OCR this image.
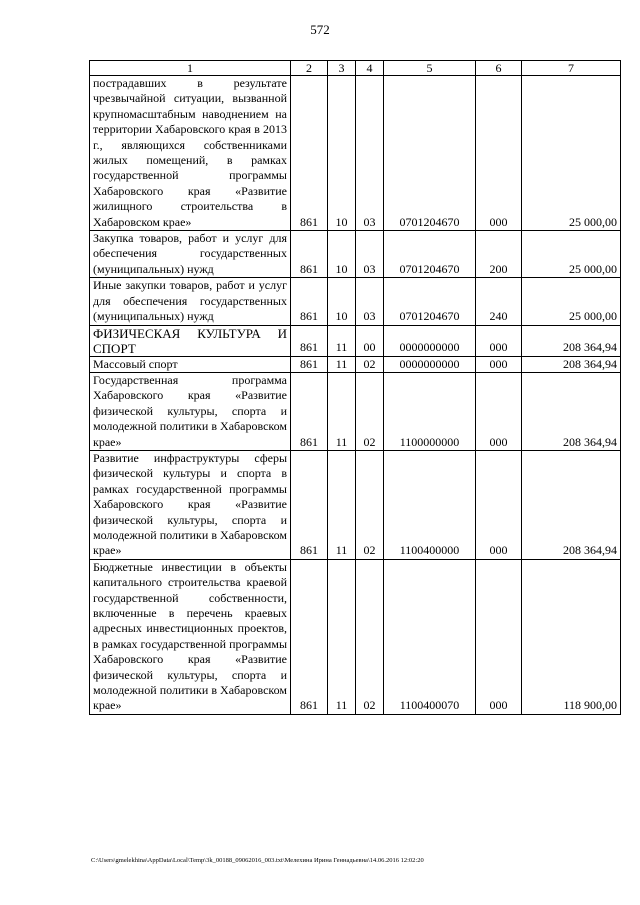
572
1	2	3	4	5	6	7
пострадавших в результате чрезвычайной ситуации, вызванной крупномасштабным наводнением на территории Хабаровского края в 2013 г., являющихся собственниками жилых помещений, в рамках государственной программы Хабаровского края «Развитие жилищного строительства в Хабаровском крае»	861	10	03	0701204670	000	25 000,00
Закупка товаров, работ и услуг для обеспечения государственных (муниципальных) нужд	861	10	03	0701204670	200	25 000,00
Иные закупки товаров, работ и услуг для обеспечения государственных (муниципальных) нужд	861	10	03	0701204670	240	25 000,00
ФИЗИЧЕСКАЯ КУЛЬТУРА И СПОРТ	861	11	00	0000000000	000	208 364,94
Массовый спорт	861	11	02	0000000000	000	208 364,94
Государственная программа Хабаровского края «Развитие физической культуры, спорта и молодежной политики в Хабаровском крае»	861	11	02	1100000000	000	208 364,94
Развитие инфраструктуры сферы физической культуры и спорта в рамках государственной программы Хабаровского края «Развитие физической культуры, спорта и молодежной политики в Хабаровском крае»	861	11	02	1100400000	000	208 364,94
Бюджетные инвестиции в объекты капитального строительства краевой государственной собственности, включенные в перечень краевых адресных инвестиционных проектов, в рамках государственной программы Хабаровского края «Развитие физической культуры, спорта и молодежной политики в Хабаровском крае»	861	11	02	1100400070	000	118 900,00
C:\Users\gmelekhina\AppData\Local\Temp\3k_00188_09062016_003.txt\Мелехина Ирина Геннадьевна\14.06.2016 12:02:20
